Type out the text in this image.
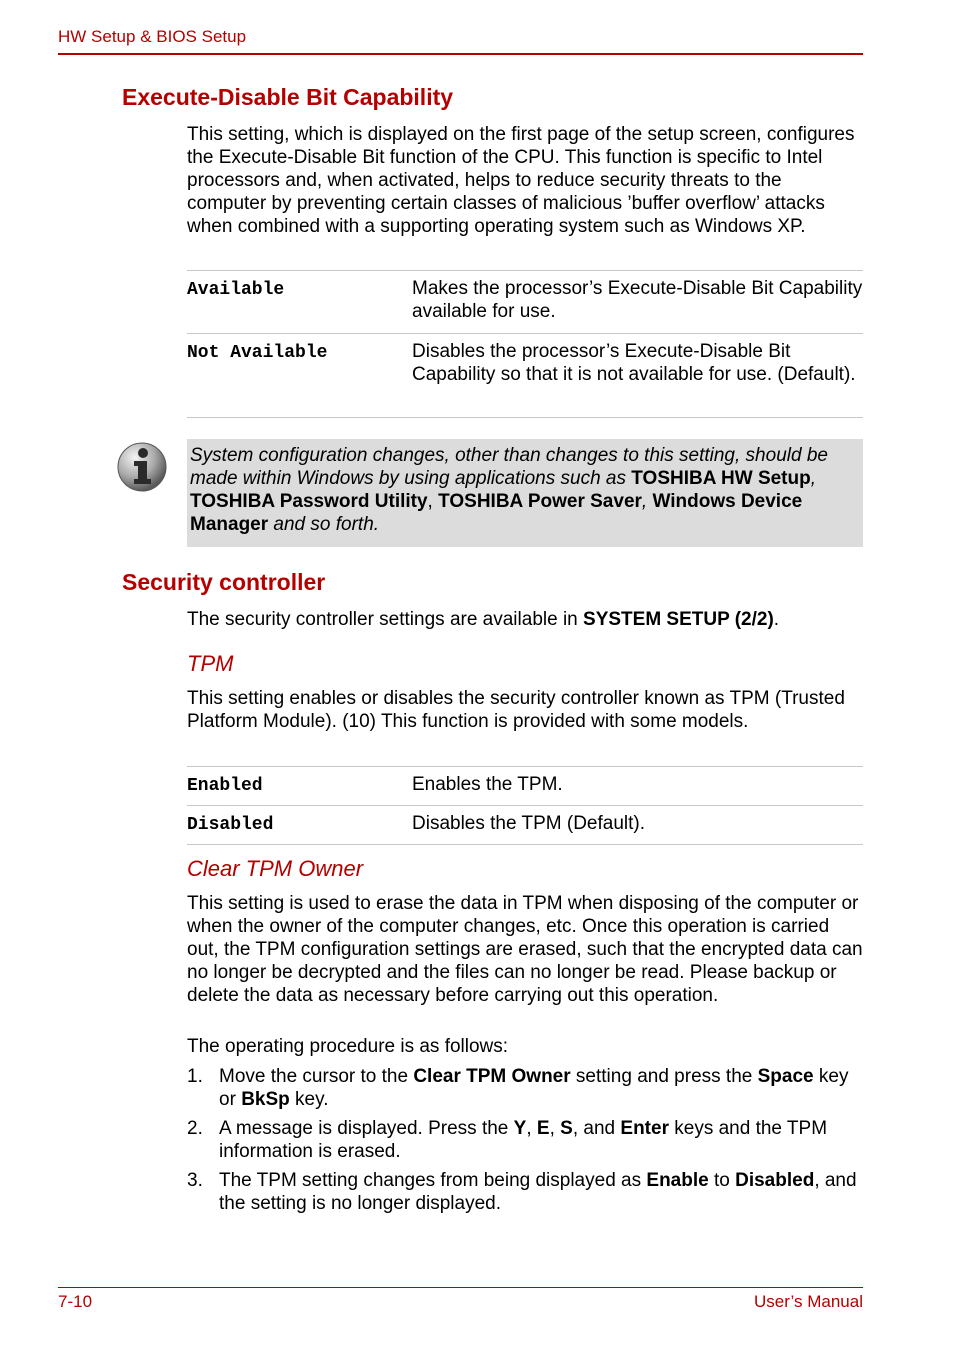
HW Setup & BIOS Setup
Execute-Disable Bit Capability
This setting, which is displayed on the first page of the setup screen, configures the Execute-Disable Bit function of the CPU. This function is specific to Intel processors and, when activated, helps to reduce security threats to the computer by preventing certain classes of malicious ’buffer overflow’ attacks when combined with a supporting operating system such as Windows XP.
Available	Makes the processor’s Execute-Disable Bit Capability available for use.
Not Available	Disables the processor’s Execute-Disable Bit Capability so that it is not available for use. (Default).
System configuration changes, other than changes to this setting, should be made within Windows by using applications such as TOSHIBA HW Setup, TOSHIBA Password Utility, TOSHIBA Power Saver, Windows Device Manager and so forth.
Security controller
The security controller settings are available in SYSTEM SETUP (2/2).
TPM
This setting enables or disables the security controller known as TPM (Trusted Platform Module). (10) This function is provided with some models.
Enabled	Enables the TPM.
Disabled	Disables the TPM (Default).
Clear TPM Owner
This setting is used to erase the data in TPM when disposing of the computer or when the owner of the computer changes, etc. Once this operation is carried out, the TPM configuration settings are erased, such that the encrypted data can no longer be decrypted and the files can no longer be read. Please backup or delete the data as necessary before carrying out this operation.
The operating procedure is as follows:
1. Move the cursor to the Clear TPM Owner setting and press the Space key or BkSp key.
2. A message is displayed. Press the Y, E, S, and Enter keys and the TPM information is erased.
3. The TPM setting changes from being displayed as Enable to Disabled, and the setting is no longer displayed.
7-10	User’s Manual
